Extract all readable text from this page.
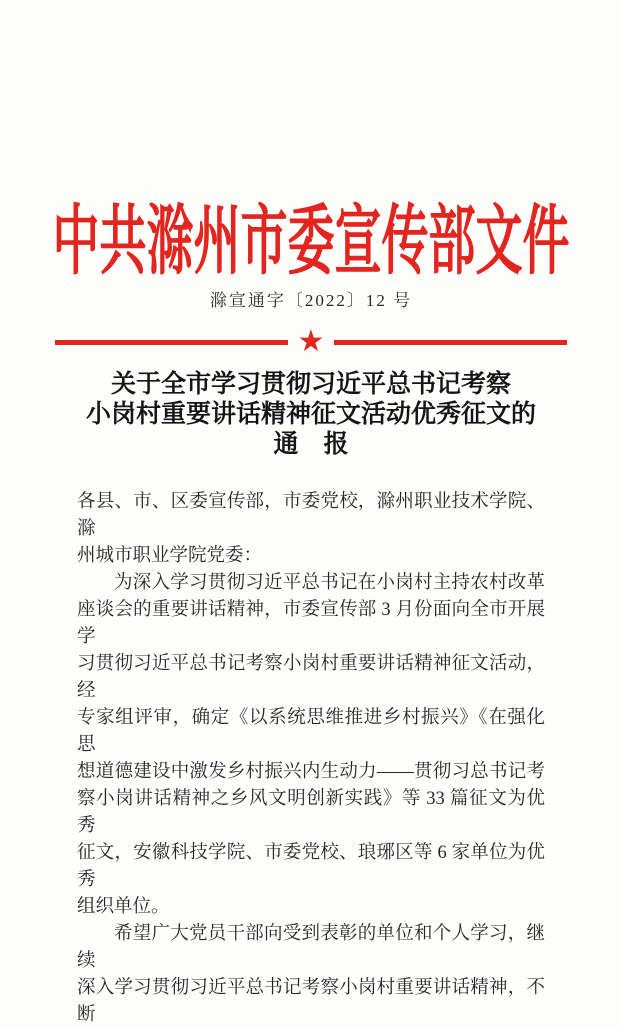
中共滁州市委宣传部文件
滁宣通字〔2022〕12 号
★
关于全市学习贯彻习近平总书记考察
小岗村重要讲话精神征文活动优秀征文的
通　报
各县、市、区委宣传部，市委党校，滁州职业技术学院、滁
州城市职业学院党委：
为深入学习贯彻习近平总书记在小岗村主持农村改革
座谈会的重要讲话精神，市委宣传部 3 月份面向全市开展学
习贯彻习近平总书记考察小岗村重要讲话精神征文活动，经
专家组评审，确定《以系统思维推进乡村振兴》《在强化思
想道德建设中激发乡村振兴内生动力——贯彻习总书记考
察小岗讲话精神之乡风文明创新实践》等 33 篇征文为优秀
征文，安徽科技学院、市委党校、琅琊区等 6 家单位为优秀
组织单位。
希望广大党员干部向受到表彰的单位和个人学习，继续
深入学习贯彻习近平总书记考察小岗村重要讲话精神，不断
